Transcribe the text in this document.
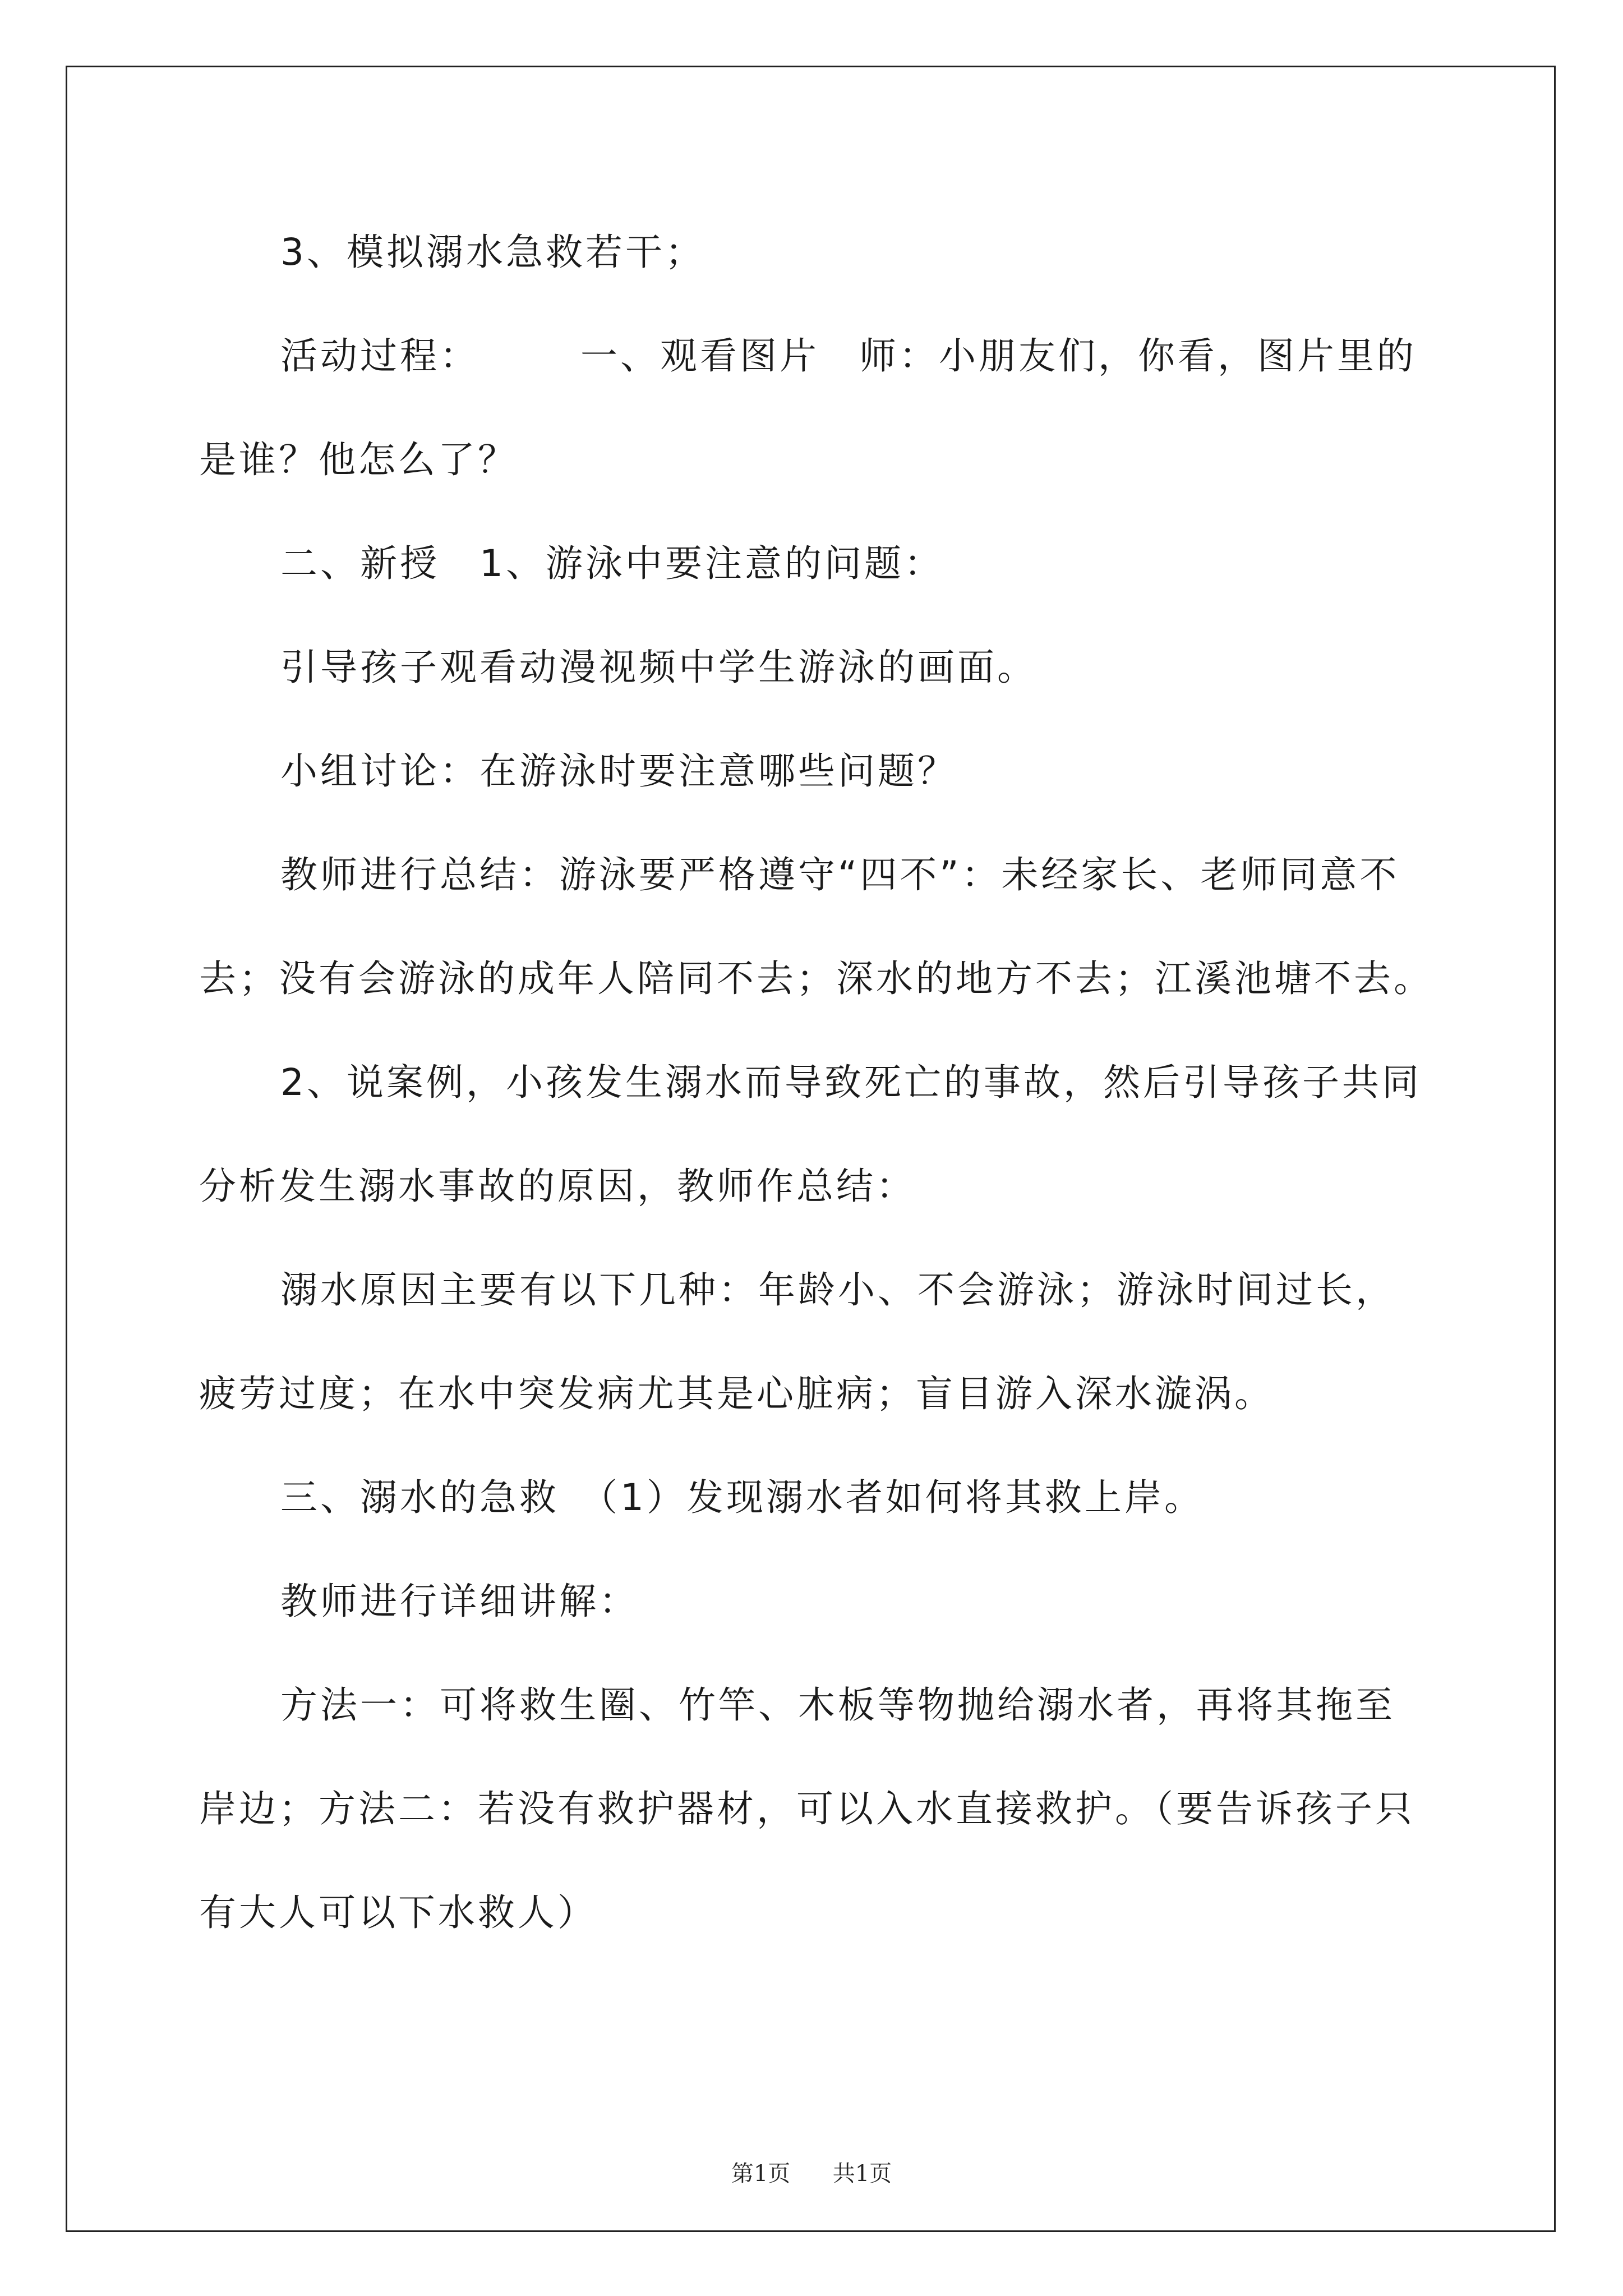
3、模拟溺水急救若干；
活动过程：　　　一、观看图片　师：小朋友们，你看，图片里的
是谁？他怎么了？
二、新授　1、游泳中要注意的问题：
引导孩子观看动漫视频中学生游泳的画面。
小组讨论：在游泳时要注意哪些问题？
教师进行总结：游泳要严格遵守“四不”：未经家长、老师同意不
去；没有会游泳的成年人陪同不去；深水的地方不去；江溪池塘不去。
2、说案例，小孩发生溺水而导致死亡的事故，然后引导孩子共同
分析发生溺水事故的原因，教师作总结：
溺水原因主要有以下几种：年龄小、不会游泳；游泳时间过长，
疲劳过度；在水中突发病尤其是心脏病；盲目游入深水漩涡。
三、溺水的急救　（1）发现溺水者如何将其救上岸。
教师进行详细讲解：
方法一：可将救生圈、竹竿、木板等物抛给溺水者，再将其拖至
岸边；方法二：若没有救护器材，可以入水直接救护。（要告诉孩子只
有大人可以下水救人）
第1页 共1页
